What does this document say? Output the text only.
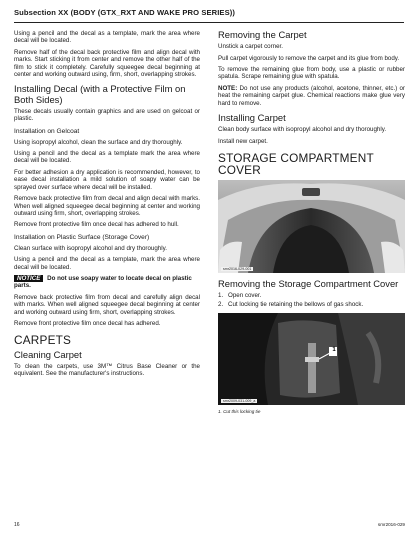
Subsection XX (BODY (GTX_RXT AND WAKE PRO SERIES))

Using a pencil and the decal as a template, mark the area where decal will be located.

Remove half of the decal back protective film and align decal with marks. Start sticking it from center and remove the other half of the film to stick it completely. Carefully squeegee decal beginning at center and working outward using, firm, short, overlapping strokes.

Installing Decal (with a Protective Film on Both Sides)

These decals usually contain graphics and are used on gelcoat or plastic.

Installation on Gelcoat

Using isopropyl alcohol, clean the surface and dry thoroughly.

Using a pencil and the decal as a template mark the area where decal will be located.

For better adhesion a dry application is recommended, however, to ease decal installation a mild solution of soapy water can be sprayed over surface where decal will be installed.

Remove back protective film from decal and align decal with marks. When well aligned squeegee decal beginning at center and working outward using firm, short, overlapping strokes.

Remove front protective film once decal has adhered to hull.

Installation on Plastic Surface (Storage Cover)

Clean surface with isopropyl alcohol and dry thoroughly.

Using a pencil and the decal as a template, mark the area where decal will be located.

NOTICE Do not use soapy water to locate decal on plastic parts.

Remove back protective film from decal and carefully align decal with marks. When well aligned squeegee decal beginning at center and working outward using firm, short, overlapping strokes.

Remove front protective film once decal has adhered.

CARPETS
Cleaning Carpet

To clean the carpets, use 3M™ Citrus Base Cleaner or the equivalent. See the manufacturer's instructions.

Removing the Carpet

Unstick a carpet corner.

Pull carpet vigorously to remove the carpet and its glue from body.

To remove the remaining glue from body, use a plastic or rubber spatula. Scrape remaining glue with spatula.

NOTE: Do not use any products (alcohol, acetone, thinner, etc.) or heat the remaining carpet glue. Chemical reactions make glue very hard to remove.

Installing Carpet

Clean body surface with isopropyl alcohol and dry thoroughly.

Install new carpet.

STORAGE COMPARTMENT COVER
smr2016-029-001
Removing the Storage Compartment Cover
1. Open cover.
2. Cut locking tie retaining the bellows of gas shock.
1
smr2009-031-009_a
1. Cut this locking tie
16	smr2016-029
